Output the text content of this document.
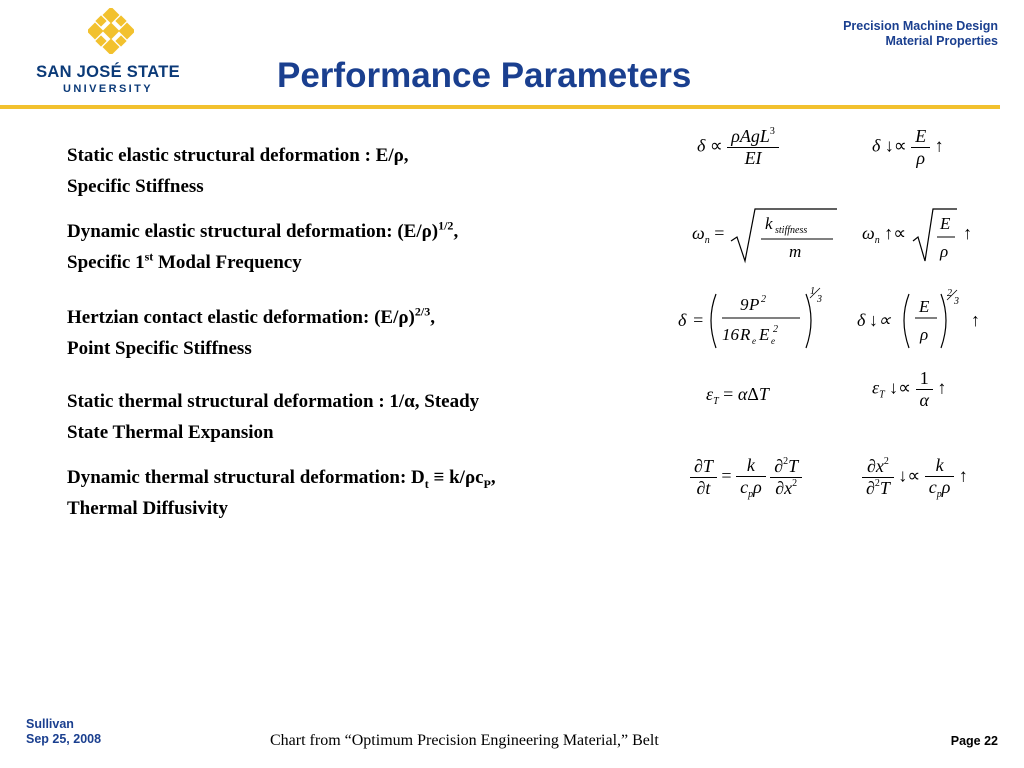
SAN JOSÉ STATE
UNIVERSITY
Precision Machine Design
Material Properties
Performance Parameters
Static elastic structural deformation : E/ρ,
Specific Stiffness
Dynamic elastic structural deformation: $(E/\rho)^{1/2}$,
Specific 1st Modal Frequency
Hertzian contact elastic deformation: $(E/\rho)^{2/3}$,
Point Specific Stiffness
Static thermal structural deformation : 1/α, Steady
State Thermal Expansion
Dynamic thermal structural deformation: $D_t \equiv k/\rho c_P$,
Thermal Diffusivity
$\delta \propto \frac{\rho AgL^3}{EI}$	δ ↓∝ $\frac{E}{\rho}$ ↑
$\omega_n = k$ stiffness
m
$\omega_n$ ↑∝ E
ρ
↑
δ =
9 P 2
16 R e E e
2
1
3
δ ↓∝
E
ρ
2
3
↑
$\varepsilon_T = \alpha\Delta T$	$\varepsilon_T$ ↓∝ $\frac{1}{\alpha}$ ↑
$\frac{\partial T}{\partial t} = \frac{k}{c_p\rho}$
$\frac{\partial^2T}{\partial x^2}$	$\frac{\partial x^2}{\partial^2T}$ ↓∝ $\frac{k}{c_p\rho}$ ↑
Sullivan
Sep 25, 2008	Chart from “Optimum Precision Engineering Material,” Belt	Page 22
